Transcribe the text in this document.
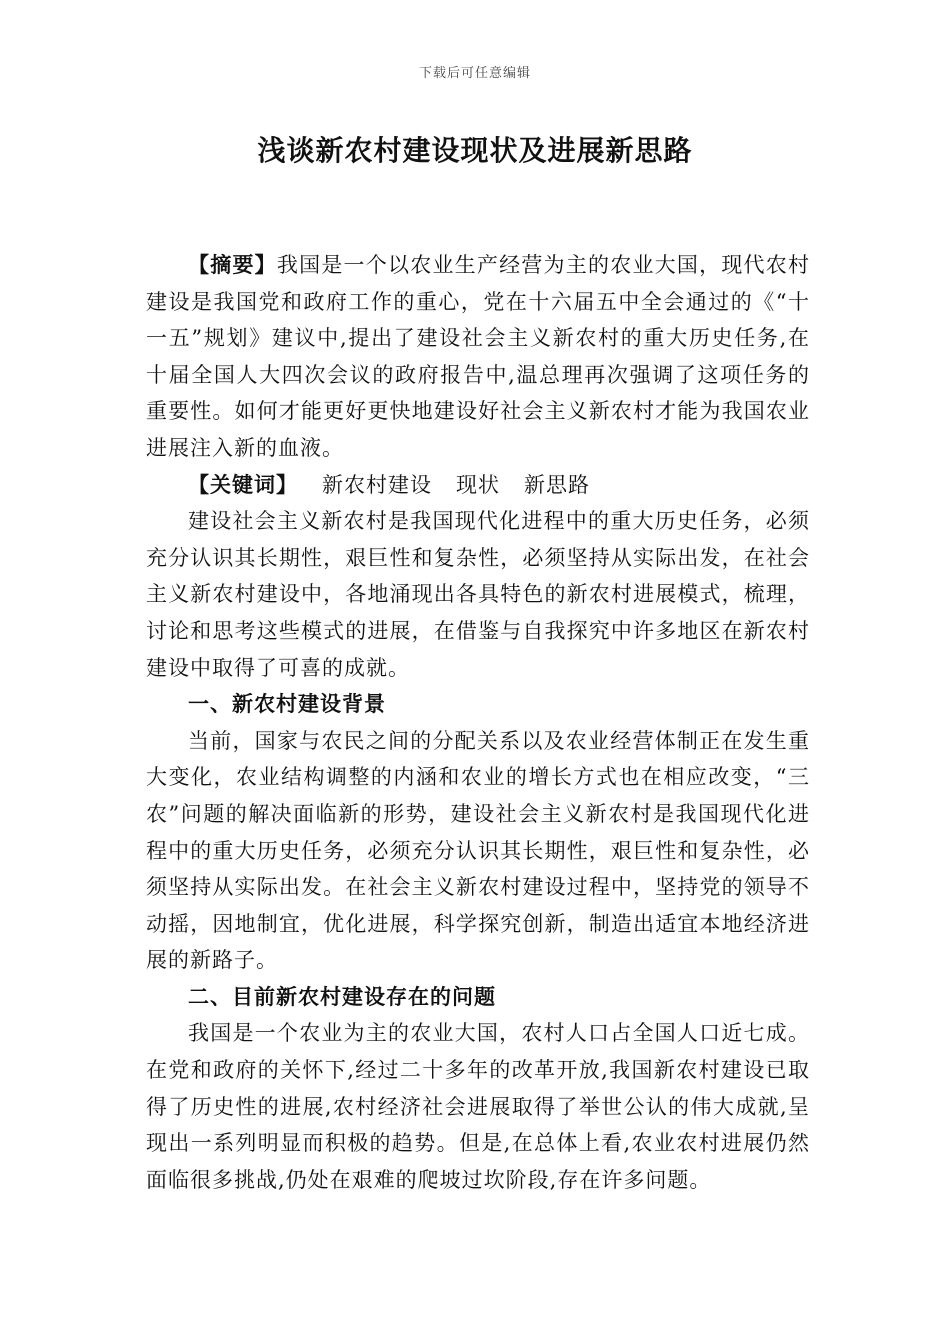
下载后可任意编辑
浅谈新农村建设现状及进展新思路

【摘要】我国是一个以农业生产经营为主的农业大国，现代农村建设是我国党和政府工作的重心，党在十六届五中全会通过的《“十一五”规划》建议中,提出了建设社会主义新农村的重大历史任务,在十届全国人大四次会议的政府报告中,温总理再次强调了这项任务的重要性。如何才能更好更快地建设好社会主义新农村才能为我国农业进展注入新的血液。

【关键词】 新农村建设 现状 新思路

建设社会主义新农村是我国现代化进程中的重大历史任务，必须充分认识其长期性，艰巨性和复杂性，必须坚持从实际出发，在社会主义新农村建设中，各地涌现出各具特色的新农村进展模式，梳理，讨论和思考这些模式的进展，在借鉴与自我探究中许多地区在新农村建设中取得了可喜的成就。

一、新农村建设背景

当前，国家与农民之间的分配关系以及农业经营体制正在发生重大变化，农业结构调整的内涵和农业的增长方式也在相应改变，“三农”问题的解决面临新的形势，建设社会主义新农村是我国现代化进程中的重大历史任务，必须充分认识其长期性，艰巨性和复杂性，必须坚持从实际出发。在社会主义新农村建设过程中，坚持党的领导不动摇，因地制宜，优化进展，科学探究创新，制造出适宜本地经济进展的新路子。

二、目前新农村建设存在的问题

我国是一个农业为主的农业大国，农村人口占全国人口近七成。在党和政府的关怀下,经过二十多年的改革开放,我国新农村建设已取得了历史性的进展,农村经济社会进展取得了举世公认的伟大成就,呈现出一系列明显而积极的趋势。但是,在总体上看,农业农村进展仍然面临很多挑战,仍处在艰难的爬坡过坎阶段,存在许多问题。
